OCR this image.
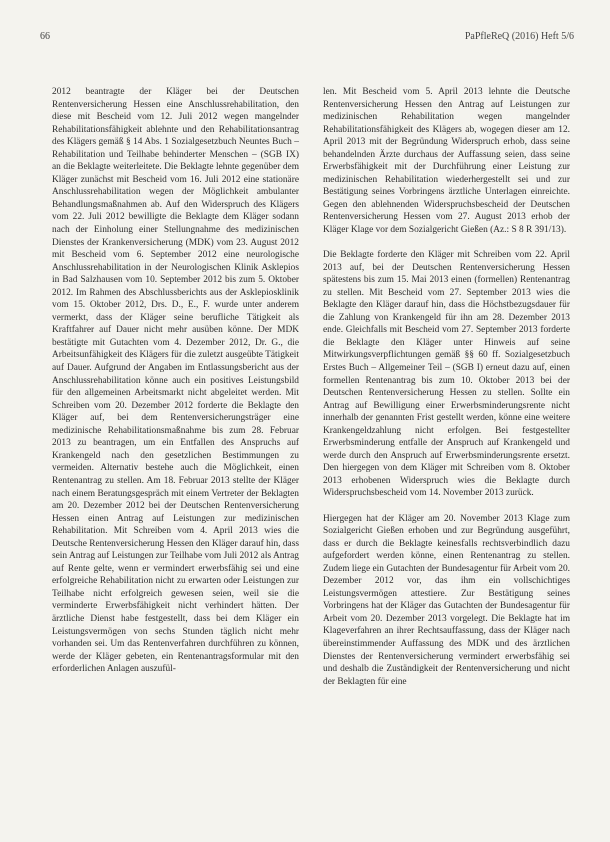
66	PaPfleReQ (2016) Heft 5/6

2012 beantragte der Kläger bei der Deutschen Rentenversicherung Hessen eine Anschlussrehabilitation, den diese mit Bescheid vom 12. Juli 2012 wegen mangelnder Rehabilitationsfähigkeit ablehnte und den Rehabilitationsantrag des Klägers gemäß § 14 Abs. 1 Sozialgesetzbuch Neuntes Buch – Rehabilitation und Teilhabe behinderter Menschen – (SGB IX) an die Beklagte weiterleitete. Die Beklagte lehnte gegenüber dem Kläger zunächst mit Bescheid vom 16. Juli 2012 eine stationäre Anschlussrehabilitation wegen der Möglichkeit ambulanter Behandlungsmaßnahmen ab. Auf den Widerspruch des Klägers vom 22. Juli 2012 bewilligte die Beklagte dem Kläger sodann nach der Einholung einer Stellungnahme des medizinischen Dienstes der Krankenversicherung (MDK) vom 23. August 2012 mit Bescheid vom 6. September 2012 eine neurologische Anschlussrehabilitation in der Neurologischen Klinik Asklepios in Bad Salzhausen vom 10. September 2012 bis zum 5. Oktober 2012. Im Rahmen des Abschlussberichts aus der Asklepiosklinik vom 15. Oktober 2012, Drs. D., E., F. wurde unter anderem vermerkt, dass der Kläger seine berufliche Tätigkeit als Kraftfahrer auf Dauer nicht mehr ausüben könne. Der MDK bestätigte mit Gutachten vom 4. Dezember 2012, Dr. G., die Arbeitsunfähigkeit des Klägers für die zuletzt ausgeübte Tätigkeit auf Dauer. Aufgrund der Angaben im Entlassungsbericht aus der Anschlussrehabilitation könne auch ein positives Leistungsbild für den allgemeinen Arbeitsmarkt nicht abgeleitet werden. Mit Schreiben vom 20. Dezember 2012 forderte die Beklagte den Kläger auf, bei dem Rentenversicherungsträger eine medizinische Rehabilitationsmaßnahme bis zum 28. Februar 2013 zu beantragen, um ein Entfallen des Anspruchs auf Krankengeld nach den gesetzlichen Bestimmungen zu vermeiden. Alternativ bestehe auch die Möglichkeit, einen Rentenantrag zu stellen. Am 18. Februar 2013 stellte der Kläger nach einem Beratungsgespräch mit einem Vertreter der Beklagten am 20. Dezember 2012 bei der Deutschen Rentenversicherung Hessen einen Antrag auf Leistungen zur medizinischen Rehabilitation. Mit Schreiben vom 4. April 2013 wies die Deutsche Rentenversicherung Hessen den Kläger darauf hin, dass sein Antrag auf Leistungen zur Teilhabe vom Juli 2012 als Antrag auf Rente gelte, wenn er vermindert erwerbsfähig sei und eine erfolgreiche Rehabilitation nicht zu erwarten oder Leistungen zur Teilhabe nicht erfolgreich gewesen seien, weil sie die verminderte Erwerbsfähigkeit nicht verhindert hätten. Der ärztliche Dienst habe festgestellt, dass bei dem Kläger ein Leistungsvermögen von sechs Stunden täglich nicht mehr vorhanden sei. Um das Rentenverfahren durchführen zu können, werde der Kläger gebeten, ein Rentenantragsformular mit den erforderlichen Anlagen auszufül-

len. Mit Bescheid vom 5. April 2013 lehnte die Deutsche Rentenversicherung Hessen den Antrag auf Leistungen zur medizinischen Rehabilitation wegen mangelnder Rehabilitationsfähigkeit des Klägers ab, wogegen dieser am 12. April 2013 mit der Begründung Widerspruch erhob, dass seine behandelnden Ärzte durchaus der Auffassung seien, dass seine Erwerbsfähigkeit mit der Durchführung einer Leistung zur medizinischen Rehabilitation wiederhergestellt sei und zur Bestätigung seines Vorbringens ärztliche Unterlagen einreichte. Gegen den ablehnenden Widerspruchsbescheid der Deutschen Rentenversicherung Hessen vom 27. August 2013 erhob der Kläger Klage vor dem Sozialgericht Gießen (Az.: S 8 R 391/13).

Die Beklagte forderte den Kläger mit Schreiben vom 22. April 2013 auf, bei der Deutschen Rentenversicherung Hessen spätestens bis zum 15. Mai 2013 einen (formellen) Rentenantrag zu stellen. Mit Bescheid vom 27. September 2013 wies die Beklagte den Kläger darauf hin, dass die Höchstbezugsdauer für die Zahlung von Krankengeld für ihn am 28. Dezember 2013 ende. Gleichfalls mit Bescheid vom 27. September 2013 forderte die Beklagte den Kläger unter Hinweis auf seine Mitwirkungsverpflichtungen gemäß §§ 60 ff. Sozialgesetzbuch Erstes Buch – Allgemeiner Teil – (SGB I) erneut dazu auf, einen formellen Rentenantrag bis zum 10. Oktober 2013 bei der Deutschen Rentenversicherung Hessen zu stellen. Sollte ein Antrag auf Bewilligung einer Erwerbsminderungsrente nicht innerhalb der genannten Frist gestellt werden, könne eine weitere Krankengeldzahlung nicht erfolgen. Bei festgestellter Erwerbsminderung entfalle der Anspruch auf Krankengeld und werde durch den Anspruch auf Erwerbsminderungsrente ersetzt. Den hiergegen von dem Kläger mit Schreiben vom 8. Oktober 2013 erhobenen Widerspruch wies die Beklagte durch Widerspruchsbescheid vom 14. November 2013 zurück.

Hiergegen hat der Kläger am 20. November 2013 Klage zum Sozialgericht Gießen erhoben und zur Begründung ausgeführt, dass er durch die Beklagte keinesfalls rechtsverbindlich dazu aufgefordert werden könne, einen Rentenantrag zu stellen. Zudem liege ein Gutachten der Bundesagentur für Arbeit vom 20. Dezember 2012 vor, das ihm ein vollschichtiges Leistungsvermögen attestiere. Zur Bestätigung seines Vorbringens hat der Kläger das Gutachten der Bundesagentur für Arbeit vom 20. Dezember 2013 vorgelegt. Die Beklagte hat im Klageverfahren an ihrer Rechtsauffassung, dass der Kläger nach übereinstimmender Auffassung des MDK und des ärztlichen Dienstes der Rentenversicherung vermindert erwerbsfähig sei und deshalb die Zuständigkeit der Rentenversicherung und nicht der Beklagten für eine
